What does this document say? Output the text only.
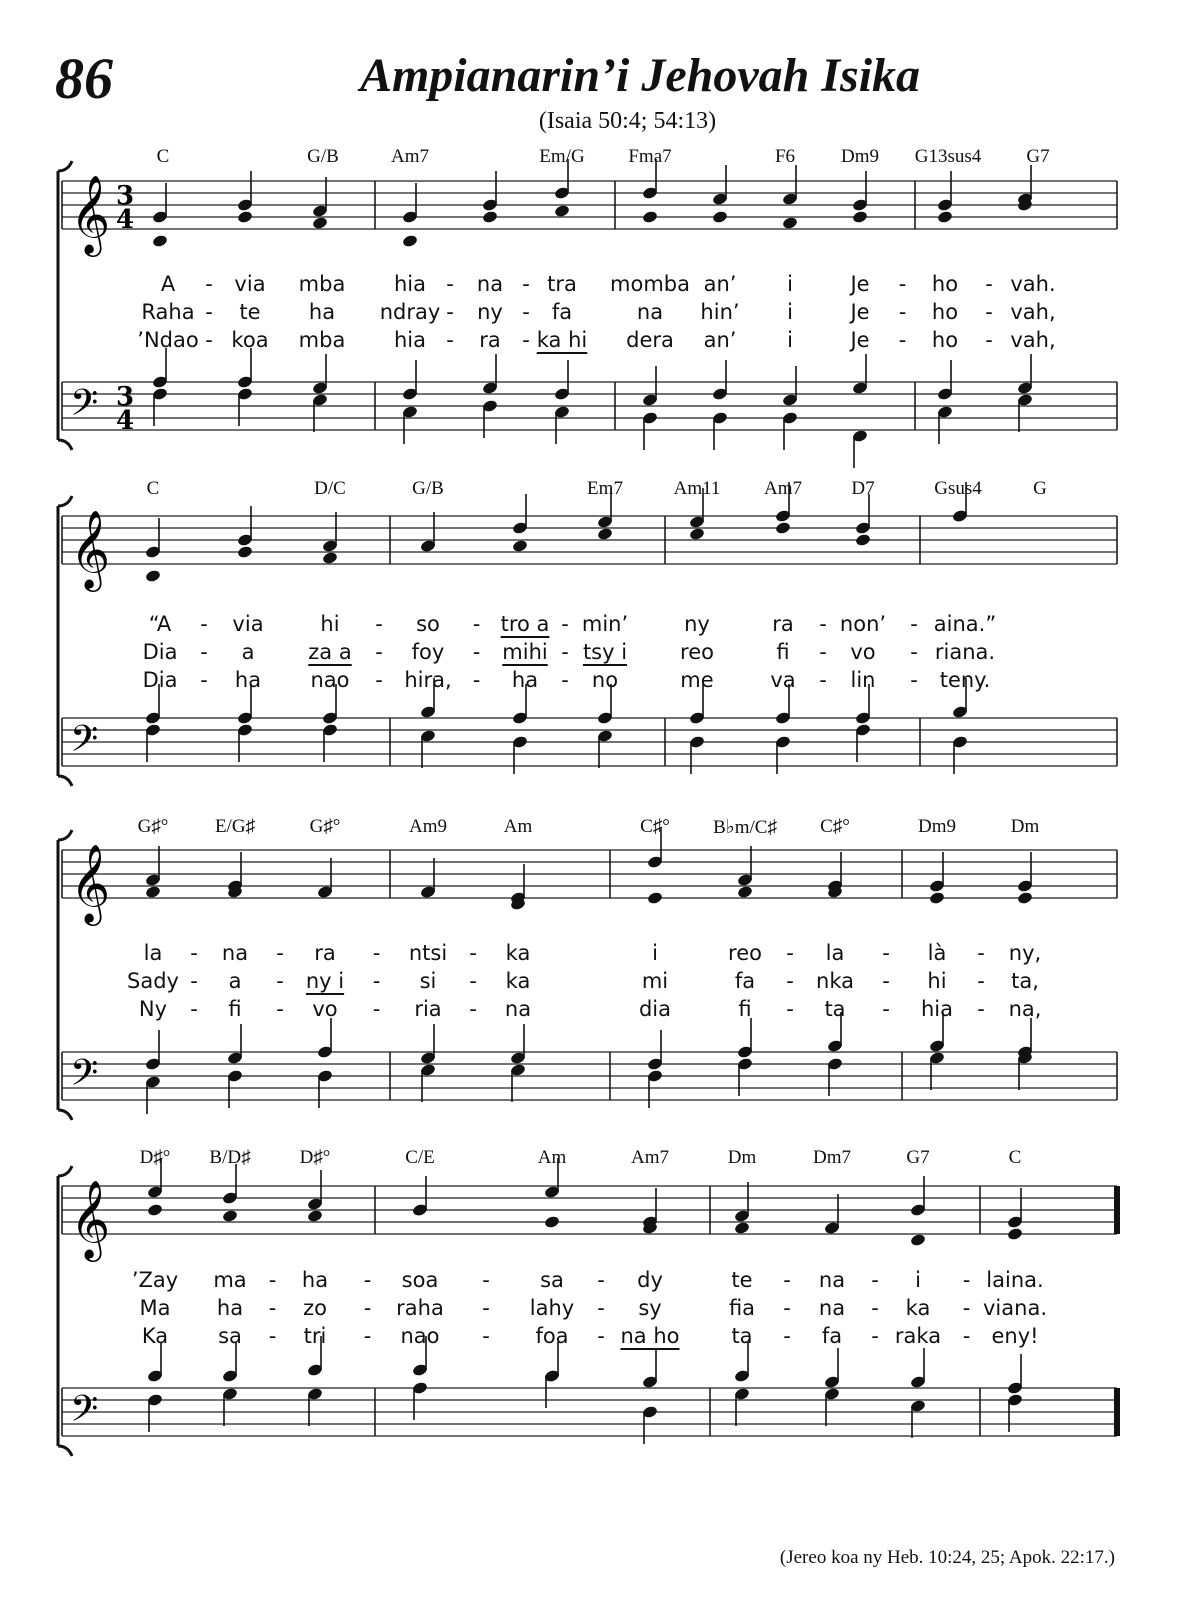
86	Ampianarin’i Jehovah Isika
(Isaia 50:4; 54:13)
𝄞 3
4
𝄢 3
4
𝄞
𝄢
𝄞
𝄢
𝄞
𝄢
C	G/B	Am7	Em/G Fma7	F6 Dm9 G13sus4 G7
A	via mba hia na tra momba an’ i	Je	ho vah.
-	-	-	-	-
Raha te ha ndray ny fa	na hin’ i	Je	ho vah,
-	-	-	-	-
’Ndao koa mba hia	ra ka hi dera an’ i	Je	ho vah,
-	-	-	-	-
C	D/C	G/B	Em7	Am11 Am7	D7	Gsus4	G
“A	via	hi	so	tro a min’	ny	ra non’ aina.”
-	-	-	-	-	-
Dia	a	za a	foy	mihi tsy i	reo	fi	vo	riana.
-	-	-	-	-	-
Dia	ha nao	hira,	ha	no	me	va	lin	teny.
-	-	-	-	-	-
G♯° E/G♯	G♯°	Am9	Am	C♯° B♭m/C♯ C♯°	Dm9	Dm
la	na	ra	ntsi	ka	i	reo	la	là	ny,
-	-	-	-	-	-	-
Sady a	ny i	si	ka	mi	fa	nka	hi	ta,
-	-	-	-	-	-	-
Ny	fi	vo	ria	na	dia	fi	ta	hia	na,
-	-	-	-	-	-	-
D♯° B/D♯	D♯°	C/E	Am	Am7	Dm	Dm7	G7	C
’Zay ma	ha	soa	sa	dy	te	na	i	laina.
-	-	-	-	-	-	-
Ma ha	zo	raha	lahy	sy	fia	na	ka	viana.
-	-	-	-	-	-	-
Ka sa	tri	nao	foa na ho ta	fa	raka eny!
-	-	-	-	-	-	-
(Jereo koa ny Heb. 10:24, 25; Apok. 22:17.)
